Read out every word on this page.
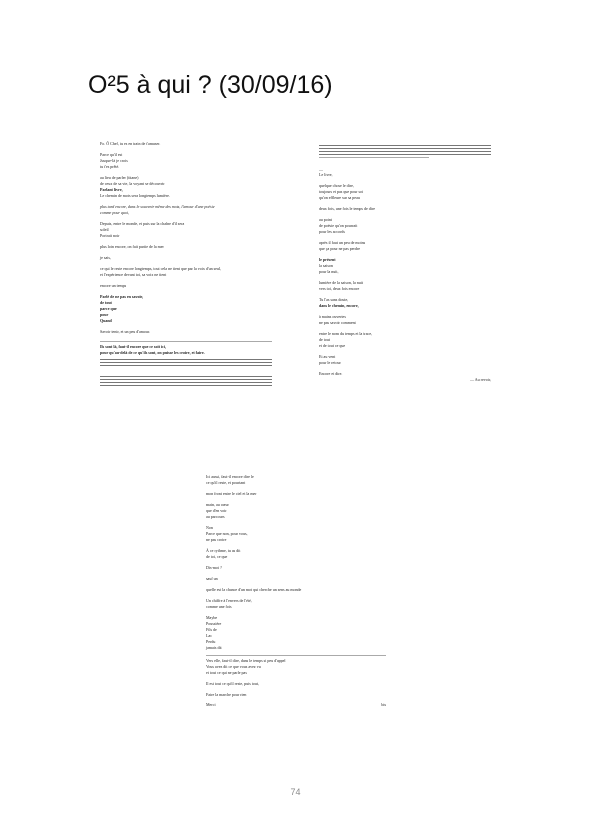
O²5 à qui ? (30/09/16)

Fo. Ô Chef, tu es en train de t'amuser.

Parce qu'il est

Jusque-là je crois

tu t'es prêté.

au lieu de parler (titane)

de ceux de sa vie, la voyant se découvrir

Parlant livre,

Le chemin de mots sera longtemps lumière.

plus tard encore, dans le souvenir même des mots, l'amour d'une poésie

comme pour quoi,

Depuis, entre le monde, et puis sur la chaîne d'il sera

soleil

Portrait noir

plus loin encore, on fait partie de la mer

je sais,

ce qui le reste encore longtemps, tout cela ne tient que par la voix d'un seul,

et l'expérience devant toi, sa voix ne tient

encore un temps

Parlé de ne pas en savoir,

de tout

parce que

pour

Quand

Savoir tenir, et un peu d'amour.

Ils sont là, faut-il encore que ce soit ici,

pour qu'au-delà de ce qu'ils sont, on puisse les croire, et faire.

__

Le livre,

quelque chose le dire,

toujours et pas que pour soi

qu'on effleure sur sa peau

deux fois, une fois le temps de dire

au point

de poésie qu'on pourrait

pour les accords

après il faut un peu de moins

que ça pour ne pas perdre

le présent

la saison

pour la nuit,

lumière de la saison, la nuit

vers toi, deux fois encore

Tu l'as sans doute,

dans le chemin, encore,

à mains ouvertes

ne pas savoir comment

entre le nom du temps et la trace,

de tout

et de tout ce que

Et au vent

pour le retour

Encore et dire.

— Au revoir,

Ici aussi, faut-il encore dire le

ce qu'il reste, et pourtant

mon front entre le ciel et la mer

main, au cœur

que d'en voir

au parcours

Non

Parce que non, pour vous,

ne pas croire

À ce rythme, tu as dit

de toi, ce que

Dis-moi ?

sauf un

quelle est la chance d'un mot qui cherche un sens au monde

Un chiffre à l'envers de l'été,

comme une fois

Maybe

Poussière

Fils de

Lac

Perdu

jamais dit

Vers elle, faut-il dire, dans le temps si peu d'appel

Vous avez dit ce que vous avez vu

et tout ce qui ne parle pas

Il est tout ce qu'il reste, puis tout,

Faire la marche pour rien

Merci	bis
74
